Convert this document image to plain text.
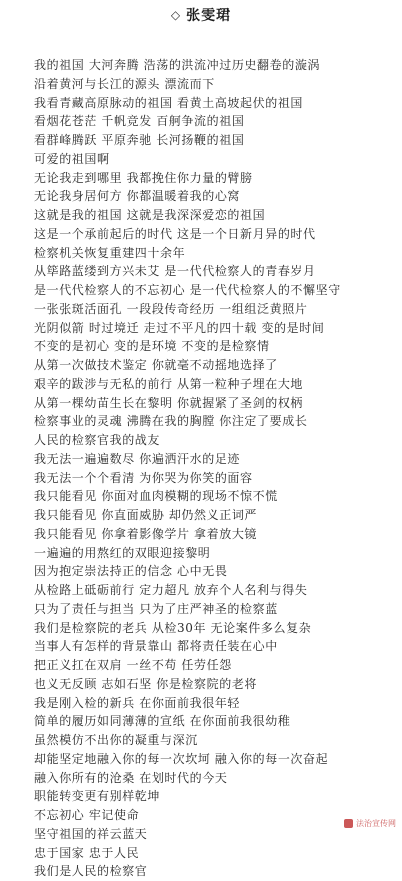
◇ 张雯珺
我的祖国 大河奔腾 浩荡的洪流冲过历史翻卷的漩涡
沿着黄河与长江的源头 漂流而下
我看青藏高原脉动的祖国 看黄土高坡起伏的祖国
看烟花苍茫 千帆竞发 百舸争流的祖国
看群峰腾跃 平原奔驰 长河扬鞭的祖国
可爱的祖国啊
无论我走到哪里 我都挽住你力量的臂膀
无论我身居何方 你都温暖着我的心窝
这就是我的祖国 这就是我深深爱恋的祖国
这是一个承前起后的时代 这是一个日新月异的时代
检察机关恢复重建四十余年
从筚路蓝缕到方兴未艾 是一代代检察人的青春岁月
是一代代检察人的不忘初心 是一代代检察人的不懈坚守
一张张斑活面孔 一段段传奇经历 一组组泛黄照片
光阴似箭 时过境迁 走过不平凡的四十载 变的是时间
不变的是初心 变的是环境 不变的是检察情
从第一次做技术鉴定 你就毫不动摇地选择了
艰辛的跋涉与无私的前行 从第一粒种子埋在大地
从第一棵幼苗生长在黎明 你就握紧了圣剑的权柄
检察事业的灵魂 沸腾在我的胸膛 你注定了要成长
人民的检察官我的战友
我无法一遍遍数尽 你遍洒汗水的足迹
我无法一个个看清 为你哭为你笑的面容
我只能看见 你面对血肉模糊的现场不惊不慌
我只能看见 你直面威胁 却仍然义正词严
我只能看见 你拿着影像学片 拿着放大镜
一遍遍的用熬红的双眼迎接黎明
因为抱定崇法持正的信念 心中无畏
从检路上砥砺前行 定力超凡 放弃个人名利与得失
只为了责任与担当 只为了庄严神圣的检察蓝
我们是检察院的老兵 从检30年 无论案件多么复杂
当事人有怎样的背景靠山 都将责任装在心中
把正义扛在双肩 一丝不苟 任劳任怨
也义无反顾 志如石坚 你是检察院的老将
我是刚入检的新兵 在你面前我很年轻
简单的履历如同薄薄的宣纸 在你面前我很幼稚
虽然模仿不出你的凝重与深沉
却能坚定地融入你的每一次坎坷 融入你的每一次奋起
融入你所有的沧桑 在划时代的今天
职能转变更有别样乾坤
不忘初心 牢记使命
坚守祖国的祥云蓝天
忠于国家 忠于人民
我们是人民的检察官
法治宣传网
